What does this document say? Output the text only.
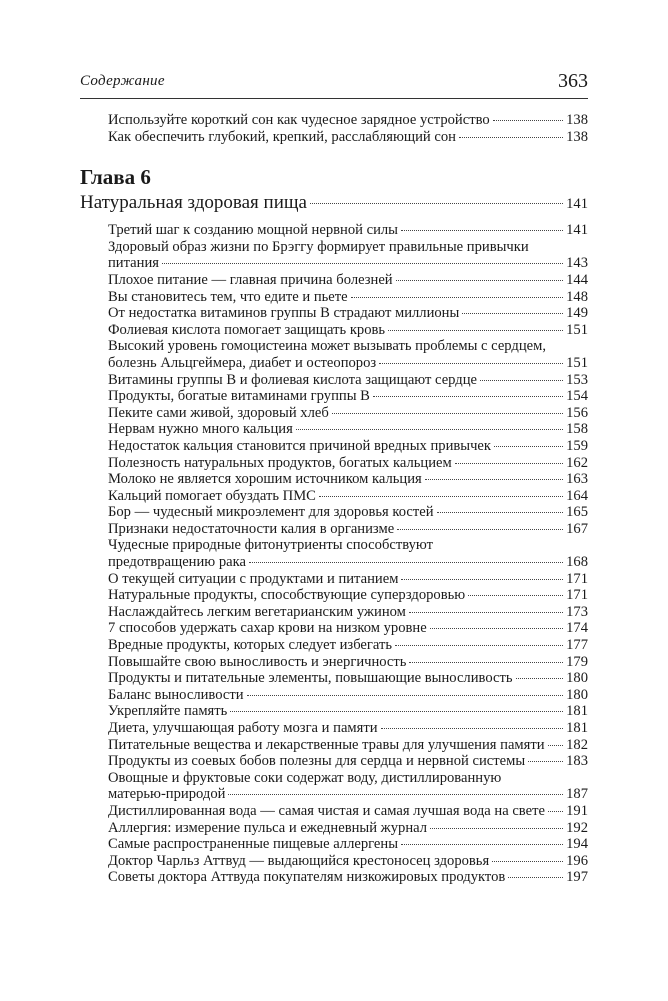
Содержание	363
Используйте короткий сон как чудесное зарядное устройство	138
Как обеспечить глубокий, крепкий, расслабляющий сон	138
Глава 6
Натуральная здоровая пища	141
Третий шаг к созданию мощной нервной силы	141
Здоровый образ жизни по Брэггу формирует правильные привычки
питания	143
Плохое питание — главная причина болезней	144
Вы становитесь тем, что едите и пьете	148
От недостатка витаминов группы B страдают миллионы	149
Фолиевая кислота помогает защищать кровь	151
Высокий уровень гомоцистеина может вызывать проблемы с сердцем,
болезнь Альцгеймера, диабет и остеопороз	151
Витамины группы B и фолиевая кислота защищают сердце	153
Продукты, богатые витаминами группы B	154
Пеките сами живой, здоровый хлеб	156
Нервам нужно много кальция	158
Недостаток кальция становится причиной вредных привычек	159
Полезность натуральных продуктов, богатых кальцием	162
Молоко не является хорошим источником кальция	163
Кальций помогает обуздать ПМС	164
Бор — чудесный микроэлемент для здоровья костей	165
Признаки недостаточности калия в организме	167
Чудесные природные фитонутриенты способствуют
предотвращению рака	168
О текущей ситуации с продуктами и питанием	171
Натуральные продукты, способствующие суперздоровью	171
Наслаждайтесь легким вегетарианским ужином	173
7 способов удержать сахар крови на низком уровне	174
Вредные продукты, которых следует избегать	177
Повышайте свою выносливость и энергичность	179
Продукты и питательные элементы, повышающие выносливость	180
Баланс выносливости	180
Укрепляйте память	181
Диета, улучшающая работу мозга и памяти	181
Питательные вещества и лекарственные травы для улучшения памяти 182
Продукты из соевых бобов полезны для сердца и нервной системы	183
Овощные и фруктовые соки содержат воду, дистиллированную
матерью-природой	187
Дистиллированная вода — самая чистая и самая лучшая вода на свете 191
Аллергия: измерение пульса и ежедневный журнал	192
Самые распространенные пищевые аллергены	194
Доктор Чарльз Аттвуд — выдающийся крестоносец здоровья	196
Советы доктора Аттвуда покупателям низкожировых продуктов	197
